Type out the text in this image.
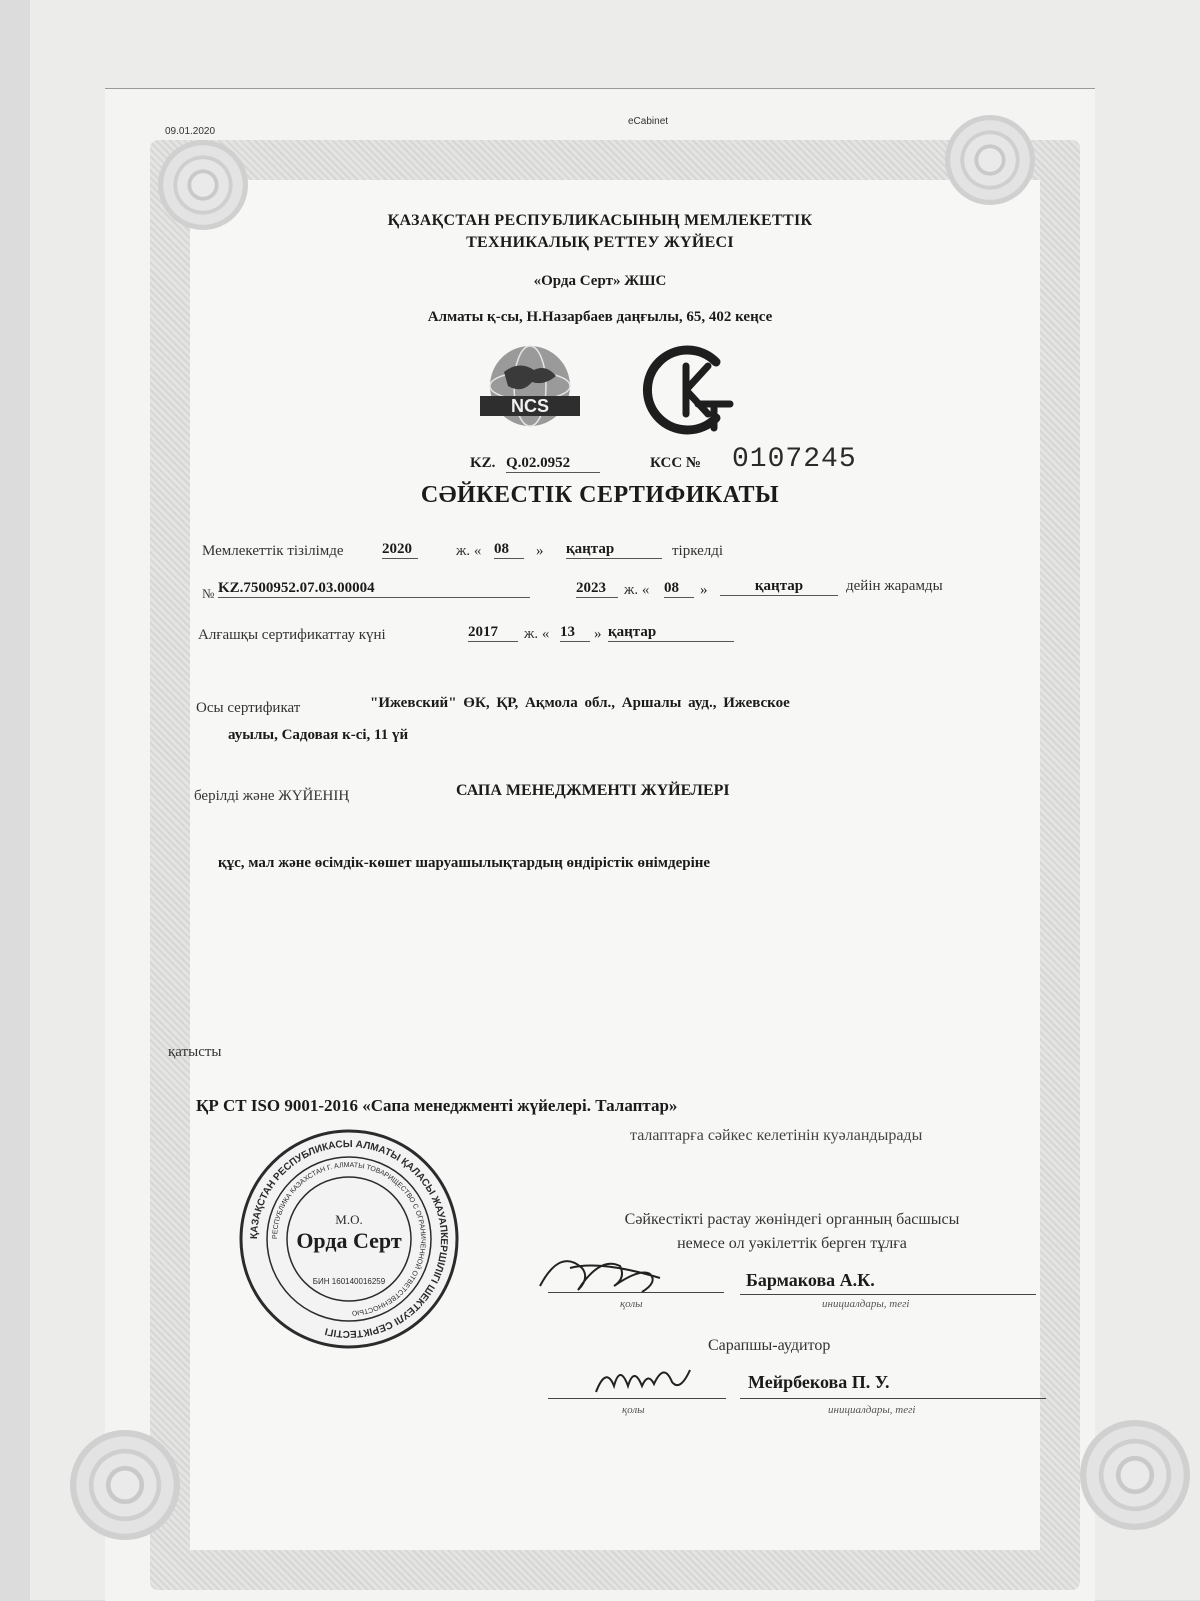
09.01.2020
eCabinet
ҚАЗАҚСТАН РЕСПУБЛИКАСЫНЫҢ МЕМЛЕКЕТТІК
ТЕХНИКАЛЫҚ РЕТТЕУ ЖҮЙЕСІ
«Орда Серт» ЖШС
Алматы қ-сы, Н.Назарбаев даңғылы, 65, 402 кеңсе
NCS
KZ. Q.02.0952	КСС № 0107245
СӘЙКЕСТІК СЕРТИФИКАТЫ
Мемлекеттік тізілімде	2020	ж. « 08	» қаңтар	тіркелді
№ KZ.7500952.07.03.00004	2023	ж. « 08	»	қаңтар	дейін жарамды
Алғашқы сертификаттау күні	2017	ж. « 13	» қаңтар
Осы сертификат	"Ижевский" ӨК, ҚР, Ақмола обл., Аршалы ауд., Ижевское
ауылы, Садовая к-сі, 11 үй
берілді және ЖҮЙЕНІҢ	САПА МЕНЕДЖМЕНТІ ЖҮЙЕЛЕРІ
құс, мал және өсімдік-көшет шаруашылықтардың өндірістік өнімдеріне
қатысты
ҚР СТ ISO 9001-2016 «Сапа менеджменті жүйелері. Талаптар»
талаптарға сәйкес келетінін куәландырады
ҚАЗАҚСТАН РЕСПУБЛИКАСЫ АЛМАТЫ ҚАЛАСЫ ЖАУАПКЕРШІЛІГІ ШЕКТЕУЛІ СЕРІКТЕСТІГІ
РЕСПУБЛИКА КАЗАХСТАН Г. АЛМАТЫ ТОВАРИЩЕСТВО С ОГРАНИЧЕННОЙ ОТВЕТСТВЕННОСТЬЮ
М.О.
Орда Серт
БИН 160140016259
Сәйкестікті растау жөніндегі органның басшысы
немесе ол уәкілеттік берген тұлға
Бармакова А.К.
қолы	инициалдары, тегі
Сарапшы-аудитор
Мейрбекова П. У.
қолы	инициалдары, тегі
